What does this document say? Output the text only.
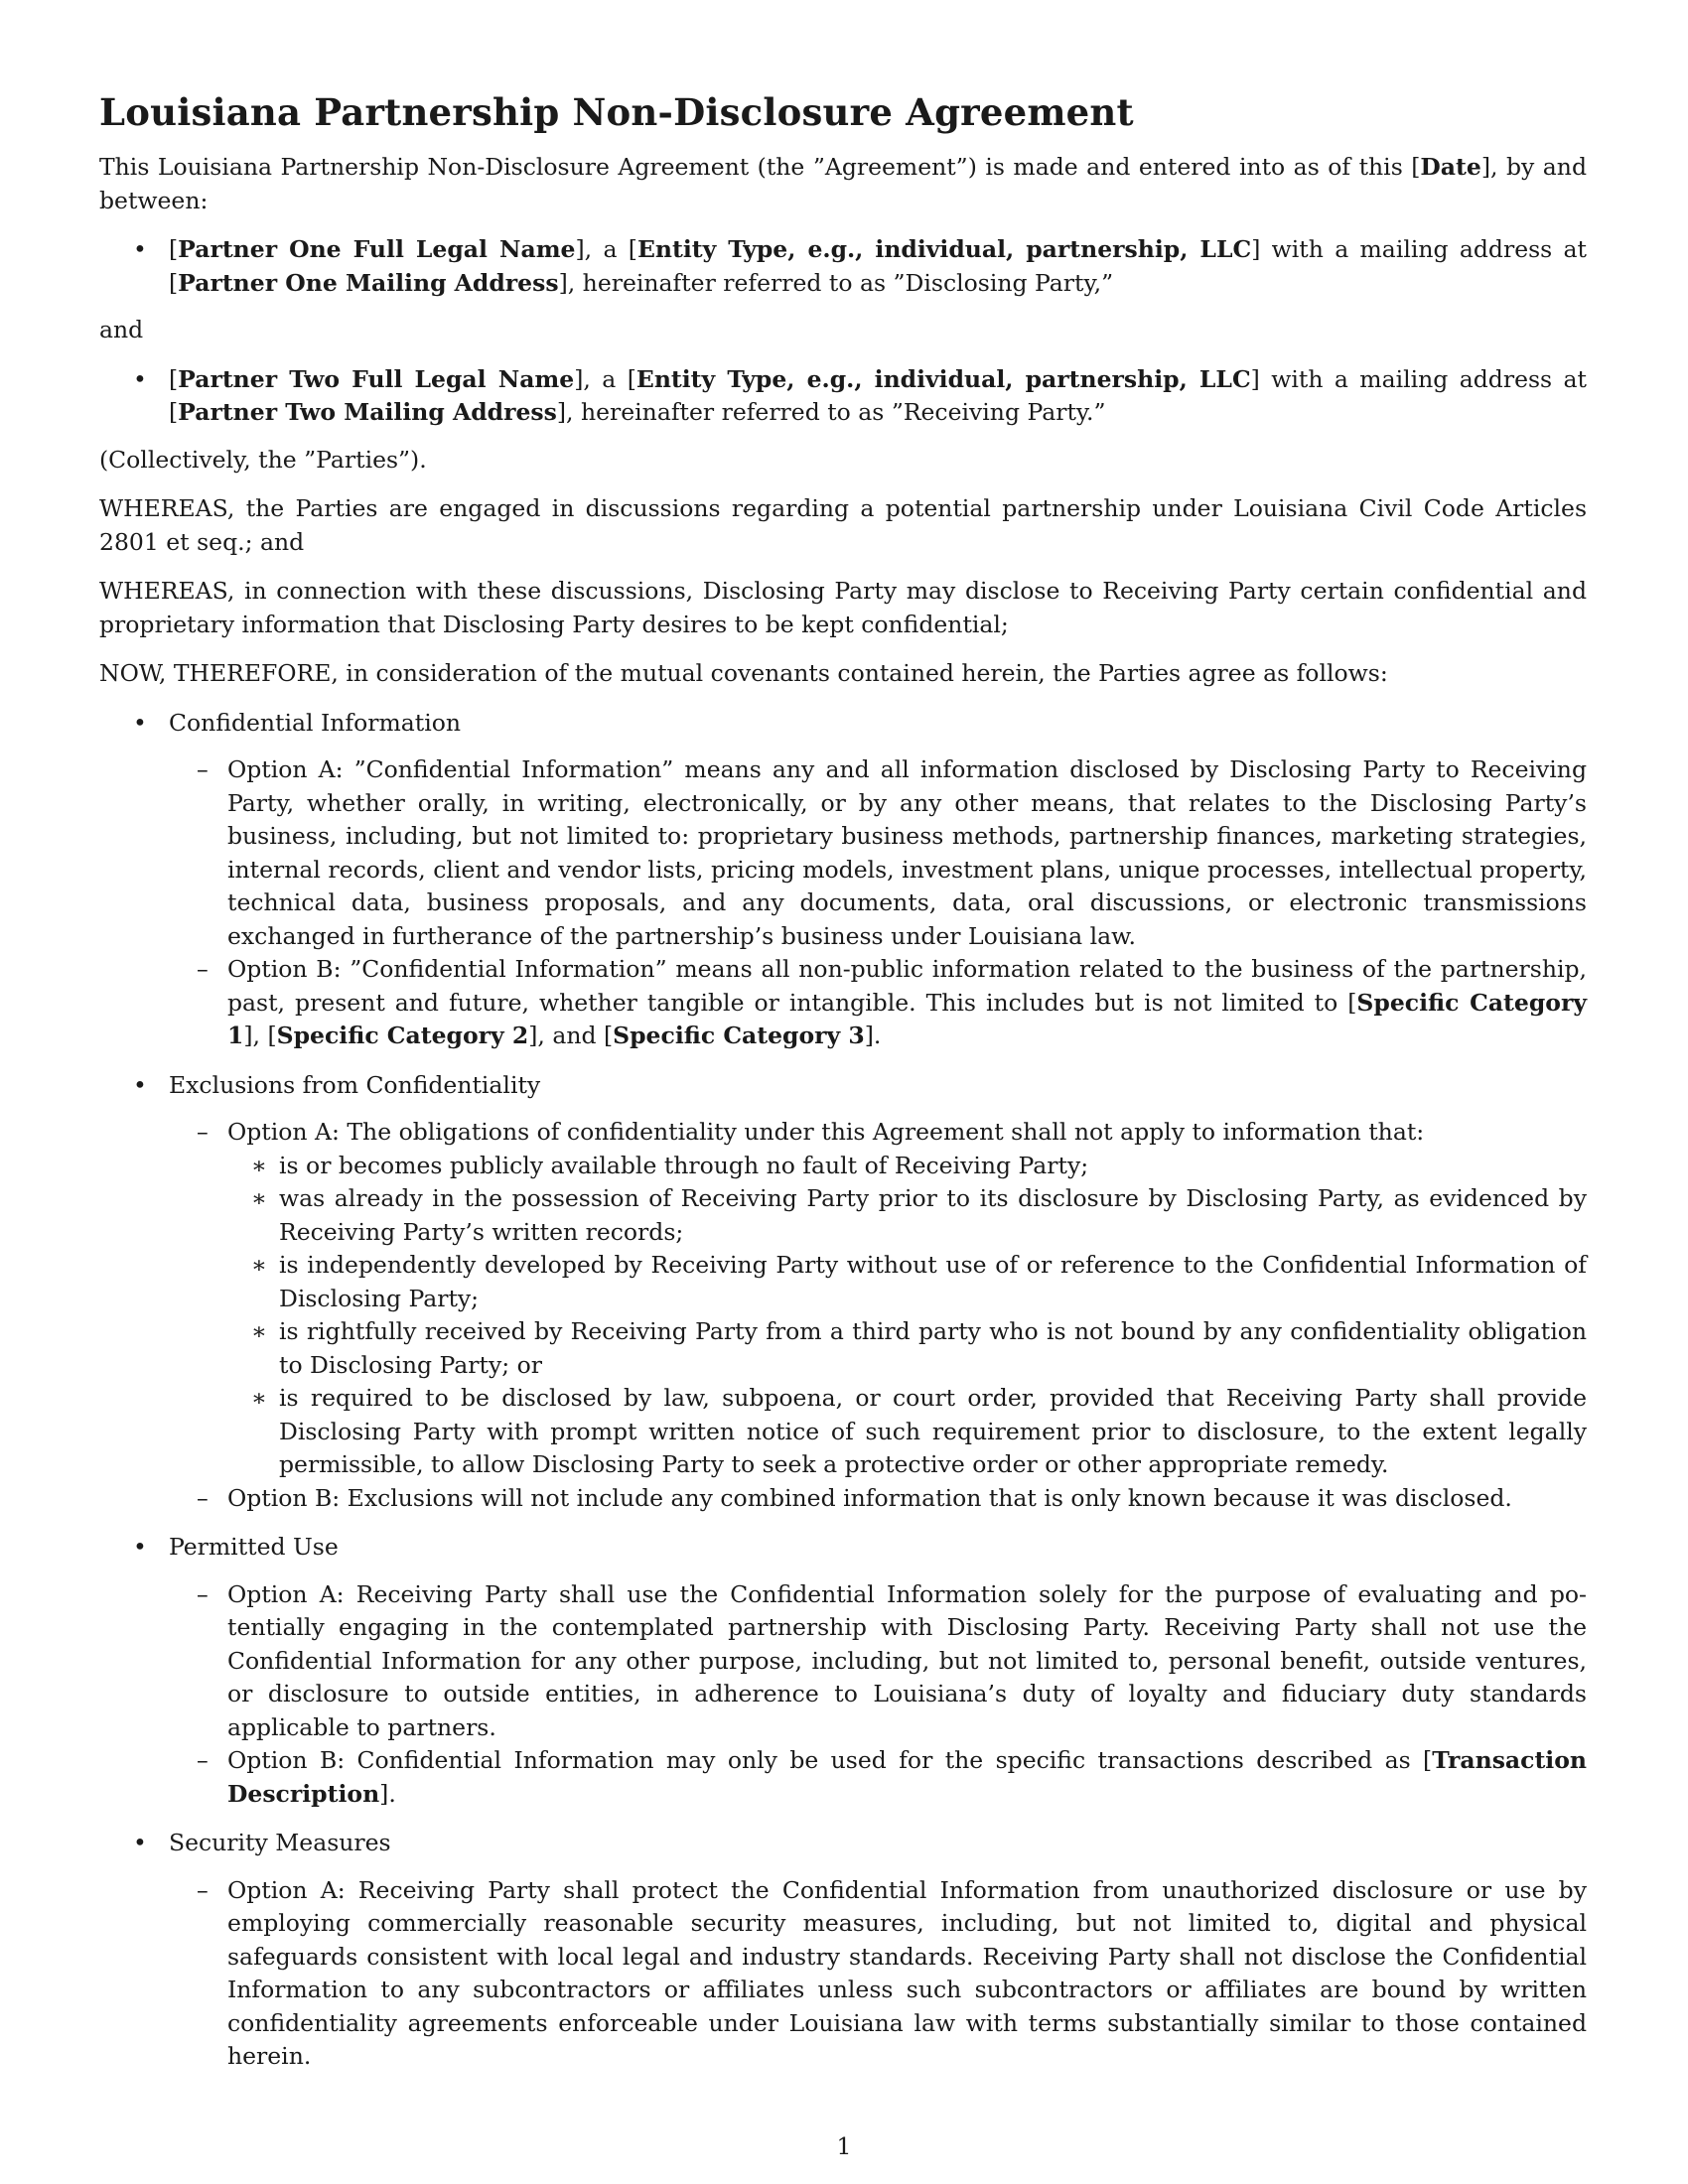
Louisiana Partnership Non-Disclosure Agreement

This Louisiana Partnership Non-Disclosure Agreement (the ”Agreement”) is made and entered into as of this [Date], by and between:

• [Partner One Full Legal Name], a [Entity Type, e.g., individual, partnership, LLC] with a mailing address at [Partner One Mailing Address], hereinafter referred to as ”Disclosing Party,”

and

• [Partner Two Full Legal Name], a [Entity Type, e.g., individual, partnership, LLC] with a mailing address at [Partner Two Mailing Address], hereinafter referred to as ”Receiving Party.”

(Collectively, the ”Parties”).

WHEREAS, the Parties are engaged in discussions regarding a potential partnership under Louisiana Civil Code Articles 2801 et seq.; and

WHEREAS, in connection with these discussions, Disclosing Party may disclose to Receiving Party certain confidential and proprietary information that Disclosing Party desires to be kept confidential;

NOW, THEREFORE, in consideration of the mutual covenants contained herein, the Parties agree as follows:

• Confidential Information
– Option A: ”Confidential Information” means any and all information disclosed by Disclosing Party to Receiving Party, whether orally, in writing, electronically, or by any other means, that relates to the Disclosing Party’s business, including, but not limited to: proprietary business methods, partnership finances, marketing strategies, internal records, client and vendor lists, pricing models, investment plans, unique processes, intellectual property, technical data, business proposals, and any documents, data, oral discussions, or electronic transmissions exchanged in furtherance of the partnership’s business under Louisiana law.
– Option B: ”Confidential Information” means all non-public information related to the business of the partnership, past, present and future, whether tangible or intangible. This includes but is not limited to [Specific Category 1], [Specific Category 2], and [Specific Category 3].
• Exclusions from Confidentiality
– Option A: The obligations of confidentiality under this Agreement shall not apply to information that:
∗ is or becomes publicly available through no fault of Receiving Party;
∗ was already in the possession of Receiving Party prior to its disclosure by Disclosing Party, as evidenced by Receiving Party’s written records;
∗ is independently developed by Receiving Party without use of or reference to the Confidential Information of Disclosing Party;
∗ is rightfully received by Receiving Party from a third party who is not bound by any confidentiality obligation to Disclosing Party; or
∗ is required to be disclosed by law, subpoena, or court order, provided that Receiving Party shall provide Disclosing Party with prompt written notice of such requirement prior to disclosure, to the extent legally permissible, to allow Disclosing Party to seek a protective order or other appropriate remedy.
– Option B: Exclusions will not include any combined information that is only known because it was disclosed.
• Permitted Use
– Option A: Receiving Party shall use the Confidential Information solely for the purpose of evaluating and potentially engaging in the contemplated partnership with Disclosing Party. Receiving Party shall not use the Confidential Information for any other purpose, including, but not limited to, personal benefit, outside ventures, or disclosure to outside entities, in adherence to Louisiana’s duty of loyalty and fiduciary duty standards applicable to partners.
– Option B: Confidential Information may only be used for the specific transactions described as [Transaction Description].
• Security Measures
– Option A: Receiving Party shall protect the Confidential Information from unauthorized disclosure or use by employing commercially reasonable security measures, including, but not limited to, digital and physical safeguards consistent with local legal and industry standards. Receiving Party shall not disclose the Confidential Information to any subcontractors or affiliates unless such subcontractors or affiliates are bound by written confidentiality agreements enforceable under Louisiana law with terms substantially similar to those contained herein.
1
